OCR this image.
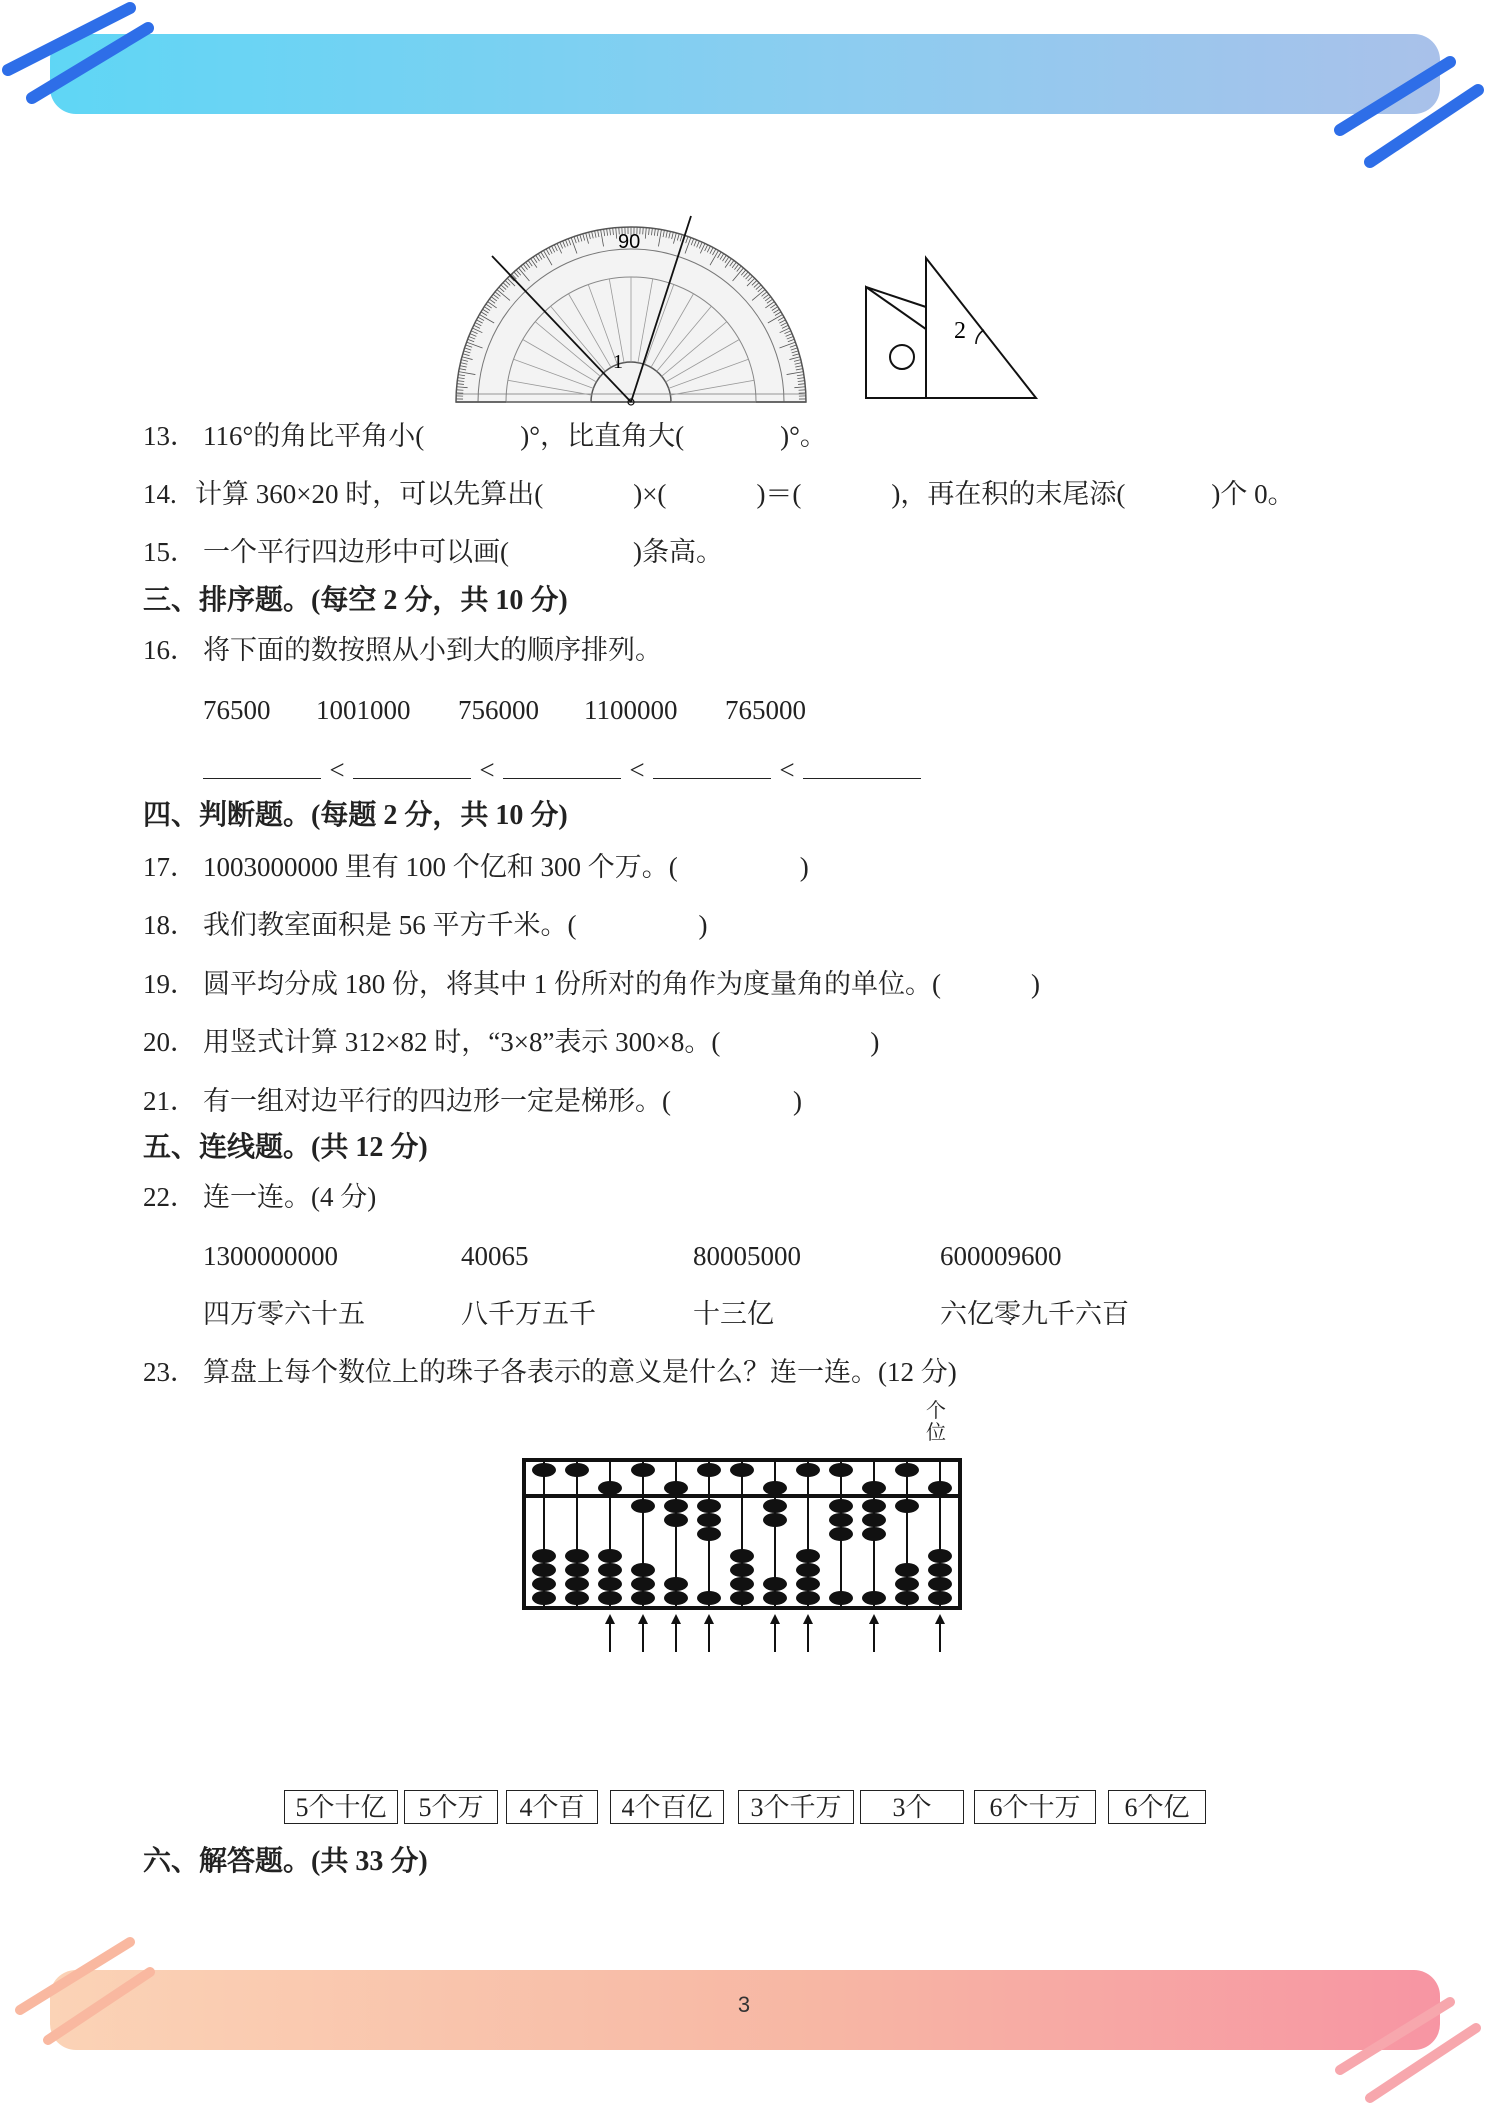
3
90
1
2
13． 116°的角比平角小(	)°，比直角大(	)°。
14. 计算 360×20 时，可以先算出(	)×(	)＝(	)，再在积的末尾添(	)个 0。
15． 一个平行四边形中可以画(	)条高。
三、排序题。(每空 2 分，共 10 分)
16． 将下面的数按照从小到大的顺序排列。
76500 1001000 756000 1100000 765000
<	<	<	<
四、判断题。(每题 2 分，共 10 分)
17． 1003000000 里有 100 个亿和 300 个万。(	)
18． 我们教室面积是 56 平方千米。(	)
19． 圆平均分成 180 份，将其中 1 份所对的角作为度量角的单位。(	)
20． 用竖式计算 312×82 时，“3×8”表示 300×8。(	)
21． 有一组对边平行的四边形一定是梯形。(	)
五、连线题。(共 12 分)
22． 连一连。(4 分)
1300000000	40065	80005000	600009600
四万零六十五	八千万五千	十三亿	六亿零九千六百
23． 算盘上每个数位上的珠子各表示的意义是什么？连一连。(12 分)
个
位
5个十亿	5个万	4个百	4个百亿	3个千万	3个	6个十万	6个亿
六、解答题。(共 33 分)
